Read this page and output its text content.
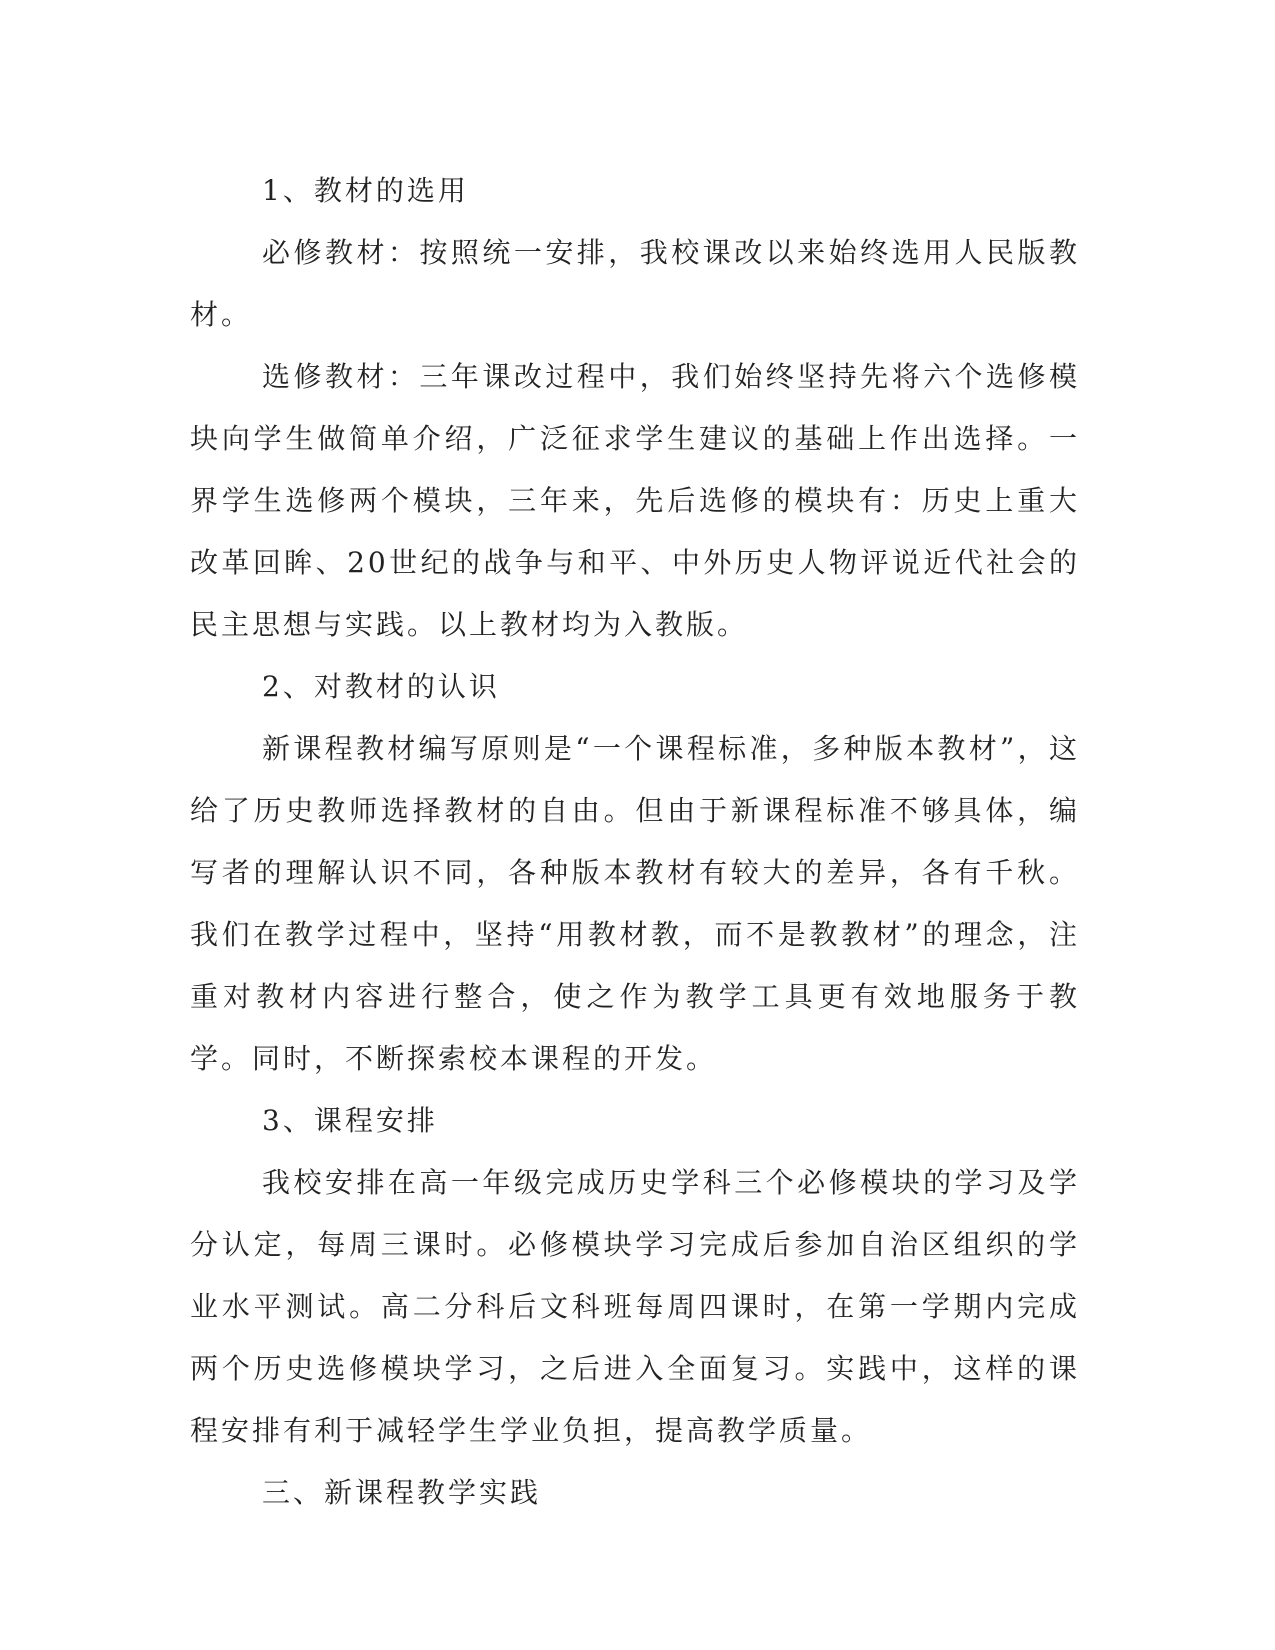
1、教材的选用

必修教材：按照统一安排，我校课改以来始终选用人民版教材。

选修教材：三年课改过程中，我们始终坚持先将六个选修模块向学生做简单介绍，广泛征求学生建议的基础上作出选择。一界学生选修两个模块，三年来，先后选修的模块有：历史上重大改革回眸、20世纪的战争与和平、中外历史人物评说近代社会的民主思想与实践。以上教材均为入教版。

2、对教材的认识

新课程教材编写原则是“一个课程标准，多种版本教材”，这给了历史教师选择教材的自由。但由于新课程标准不够具体，编写者的理解认识不同，各种版本教材有较大的差异，各有千秋。我们在教学过程中，坚持“用教材教，而不是教教材”的理念，注重对教材内容进行整合，使之作为教学工具更有效地服务于教学。同时，不断探索校本课程的开发。

3、课程安排

我校安排在高一年级完成历史学科三个必修模块的学习及学分认定，每周三课时。必修模块学习完成后参加自治区组织的学业水平测试。高二分科后文科班每周四课时，在第一学期内完成两个历史选修模块学习，之后进入全面复习。实践中，这样的课程安排有利于减轻学生学业负担，提高教学质量。

三、新课程教学实践
